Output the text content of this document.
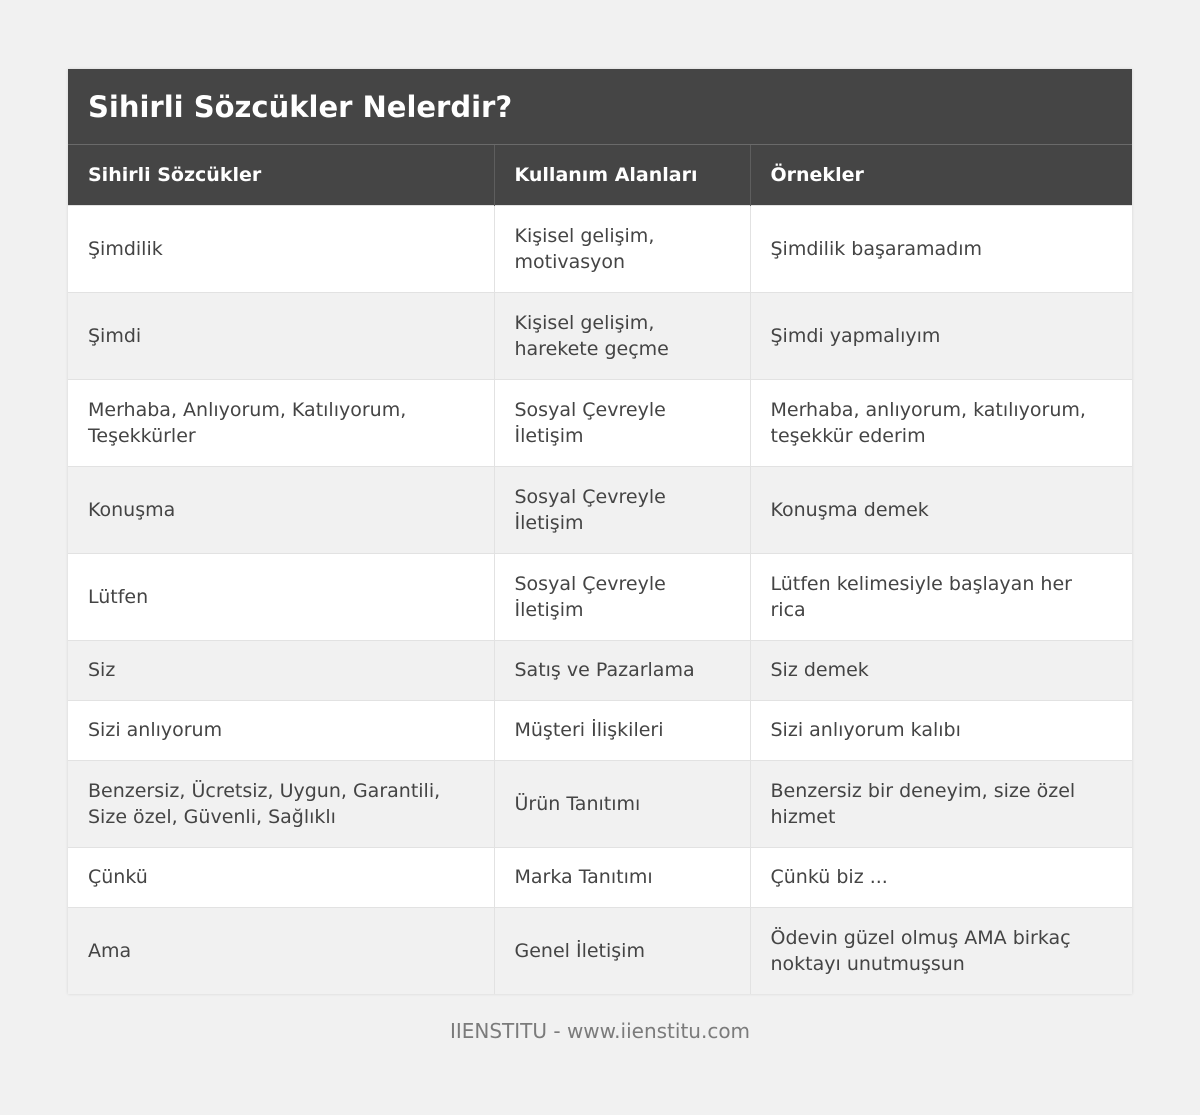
Sihirli Sözcükler Nelerdir?
Sihirli Sözcükler	Kullanım Alanları	Örnekler
Şimdilik	Kişisel gelişim, motivasyon	Şimdilik başaramadım
Şimdi	Kişisel gelişim, harekete geçme	Şimdi yapmalıyım
Merhaba, Anlıyorum, Katılıyorum, Teşekkürler	Sosyal Çevreyle İletişim	Merhaba, anlıyorum, katılıyorum, teşekkür ederim
Konuşma	Sosyal Çevreyle İletişim	Konuşma demek
Lütfen	Sosyal Çevreyle İletişim	Lütfen kelimesiyle başlayan her rica
Siz	Satış ve Pazarlama	Siz demek
Sizi anlıyorum	Müşteri İlişkileri	Sizi anlıyorum kalıbı
Benzersiz, Ücretsiz, Uygun, Garantili, Size özel, Güvenli, Sağlıklı	Ürün Tanıtımı	Benzersiz bir deneyim, size özel hizmet
Çünkü	Marka Tanıtımı	Çünkü biz ...
Ama	Genel İletişim	Ödevin güzel olmuş AMA birkaç noktayı unutmuşsun
IIENSTITU - www.iienstitu.com
